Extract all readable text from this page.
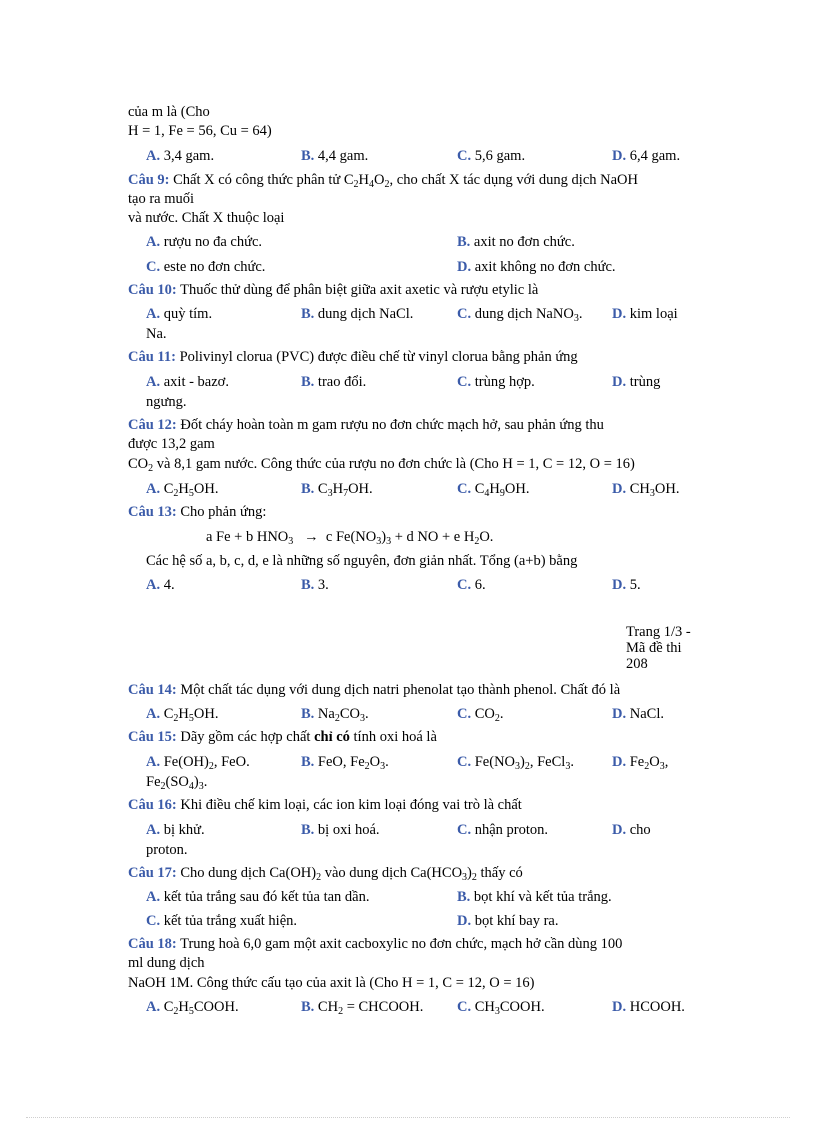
của m là (Cho
H = 1, Fe = 56, Cu = 64)
A. 3,4 gam.	B. 4,4 gam.	C. 5,6 gam.	D. 6,4 gam.
Câu 9: Chất X có công thức phân tử $C_2H_4O_2$, cho chất X tác dụng với dung dịch NaOH
tạo ra muối
và nước. Chất X thuộc loại
A. rượu no đa chức.	B. axit no đơn chức.
C. este no đơn chức.	D. axit không no đơn chức.
Câu 10: Thuốc thử dùng để phân biệt giữa axit axetic và rượu etylic là
A. quỳ tím.	B. dung dịch NaCl.	C. dung dịch NaNO$_3$. D. kim loại
Na.
Câu 11: Polivinyl clorua (PVC) được điều chế từ vinyl clorua bằng phản ứng
A. axit - bazơ.	B. trao đổi.	C. trùng hợp.	D. trùng
ngưng.
Câu 12: Đốt cháy hoàn toàn m gam rượu no đơn chức mạch hở, sau phản ứng thu
được 13,2 gam
$CO_2$ và 8,1 gam nước. Công thức của rượu no đơn chức là (Cho H = 1, C = 12, O = 16)
A. $C_2H_5OH$.	B. $C_3H_7OH$.	C. $C_4H_9OH$.	D. $CH_3OH$.
Câu 13: Cho phản ứng:
a Fe + b $HNO_3 \to c$ $Fe(NO_3)_3 + d$ NO + e $H_2O$.
Các hệ số a, b, c, d, e là những số nguyên, đơn giản nhất. Tổng (a+b) bằng
A. 4.	B. 3.	C. 6.	D. 5.
Trang 1/3 -
Mã đề thi
208
Câu 14: Một chất tác dụng với dung dịch natri phenolat tạo thành phenol. Chất đó là
A. $C_2H_5OH$.	B. $Na_2CO_3$.	C. $CO_2$.	D. NaCl.
Câu 15: Dãy gồm các hợp chất chỉ có tính oxi hoá là
A. $Fe(OH)_2$, FeO.	B. FeO, $Fe_2O_3$.	C. $Fe(NO_3)_2$, FeCl$_3$.	D. $Fe_2O_3$,
$Fe_2(SO_4)_3$.
Câu 16: Khi điều chế kim loại, các ion kim loại đóng vai trò là chất
A. bị khử.	B. bị oxi hoá.	C. nhận proton.	D. cho
proton.
Câu 17: Cho dung dịch $Ca(OH)_2$ vào dung dịch $Ca(HCO_3)_2$ thấy có
A. kết tủa trắng sau đó kết tủa tan dần.	B. bọt khí và kết tủa trắng.
C. kết tủa trắng xuất hiện.	D. bọt khí bay ra.
Câu 18: Trung hoà 6,0 gam một axit cacboxylic no đơn chức, mạch hở cần dùng 100
ml dung dịch
NaOH 1M. Công thức cấu tạo của axit là (Cho H = 1, C = 12, O = 16)
A. $C_2H_5COOH$.	B. $CH_2$ = CHCOOH. C. $CH_3COOH$.	D. HCOOH.
